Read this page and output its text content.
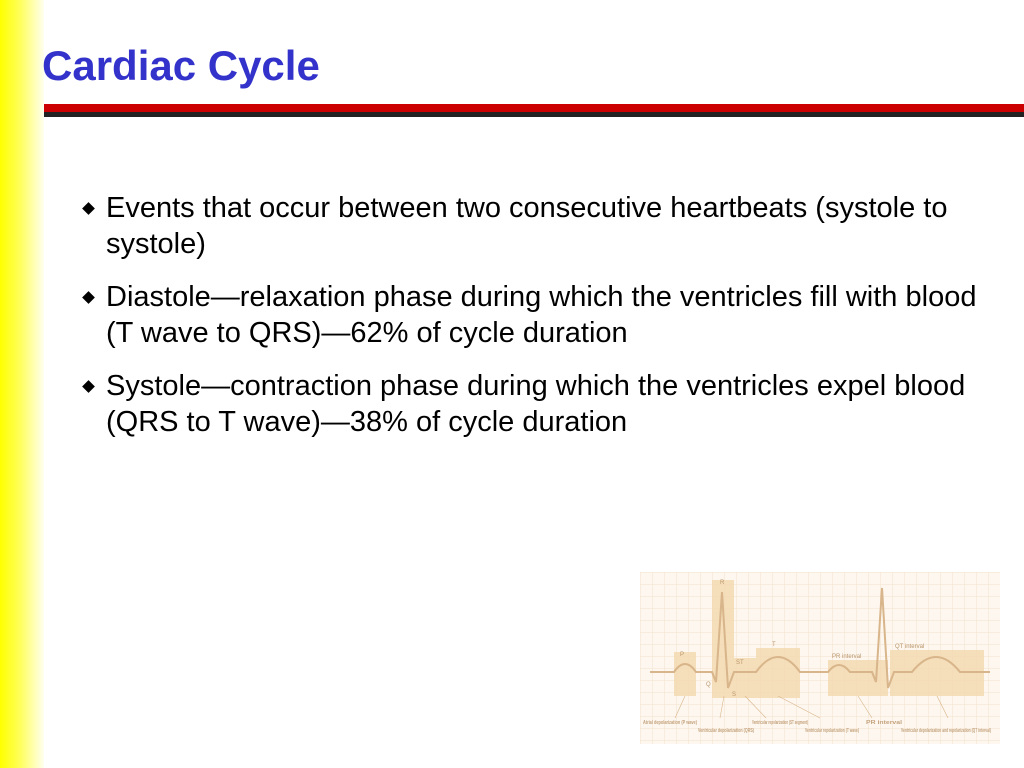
Cardiac Cycle
Events that occur between two consecutive heartbeats (systole to systole)
Diastole—relaxation phase during which the ventricles fill with blood (T wave to QRS)—62% of cycle duration
Systole—contraction phase during which the ventricles expel blood (QRS to T wave)—38% of cycle duration
P
R
Q
S
ST
T
PR interval
QT interval
Atrial depolarization (P wave)
Ventricular depolarization (QRS)
Ventricular repolarization (ST segment)
Ventricular repolarization (T wave)
PR interval
Ventricular depolarization and repolarization (QT interval)
